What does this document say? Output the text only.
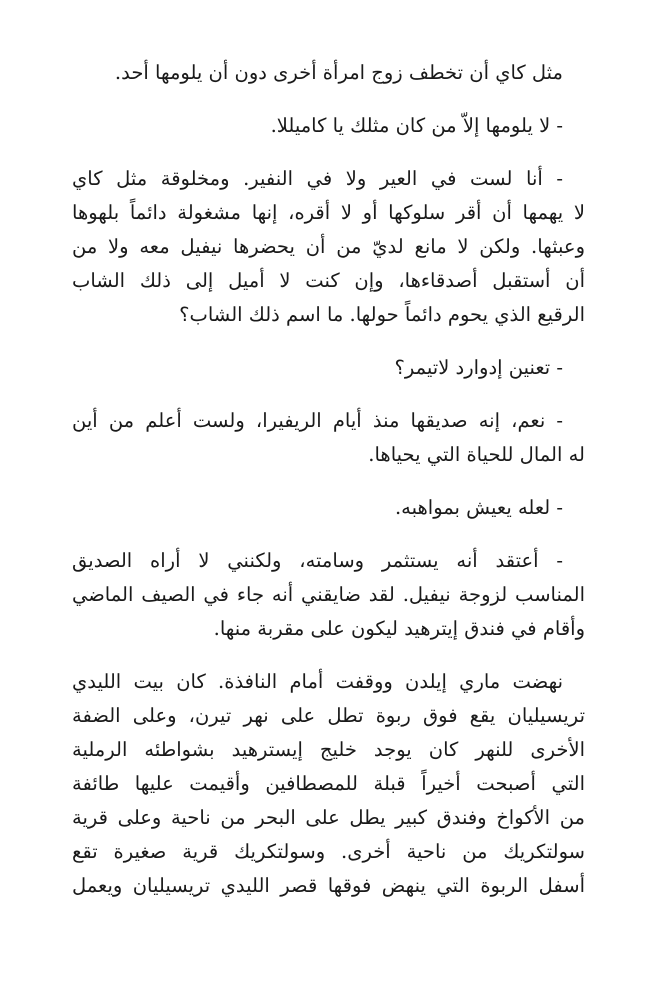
مثل كاي أن تخطف زوج امرأة أخرى دون أن يلومها أحد.

- لا يلومها إلاّ من كان مثلك يا كاميللا.

- أنا لست في العير ولا في النفير. ومخلوقة مثل كاي
لا يهمها أن أقر سلوكها أو لا أقره، إنها مشغولة دائماً بلهوها
وعبثها. ولكن لا مانع لديّ من أن يحضرها نيفيل معه ولا من
أن أستقبل أصدقاءها، وإن كنت لا أميل إلى ذلك الشاب
الرقيع الذي يحوم دائماً حولها. ما اسم ذلك الشاب؟

- تعنين إدوارد لاتيمر؟

- نعم، إنه صديقها منذ أيام الريفيرا، ولست أعلم من أين
له المال للحياة التي يحياها.

- لعله يعيش بمواهبه.

- أعتقد أنه يستثمر وسامته، ولكنني لا أراه الصديق
المناسب لزوجة نيفيل. لقد ضايقني أنه جاء في الصيف الماضي
وأقام في فندق إيترهيد ليكون على مقربة منها.

نهضت ماري إيلدن ووقفت أمام النافذة. كان بيت الليدي
تريسيليان يقع فوق ربوة تطل على نهر تيرن، وعلى الضفة
الأخرى للنهر كان يوجد خليج إيسترهيد بشواطئه الرملية
التي أصبحت أخيراً قبلة للمصطافين وأقيمت عليها طائفة
من الأكواخ وفندق كبير يطل على البحر من ناحية وعلى قرية
سولتكريك من ناحية أخرى. وسولتكريك قرية صغيرة تقع
أسفل الربوة التي ينهض فوقها قصر الليدي تريسيليان ويعمل
